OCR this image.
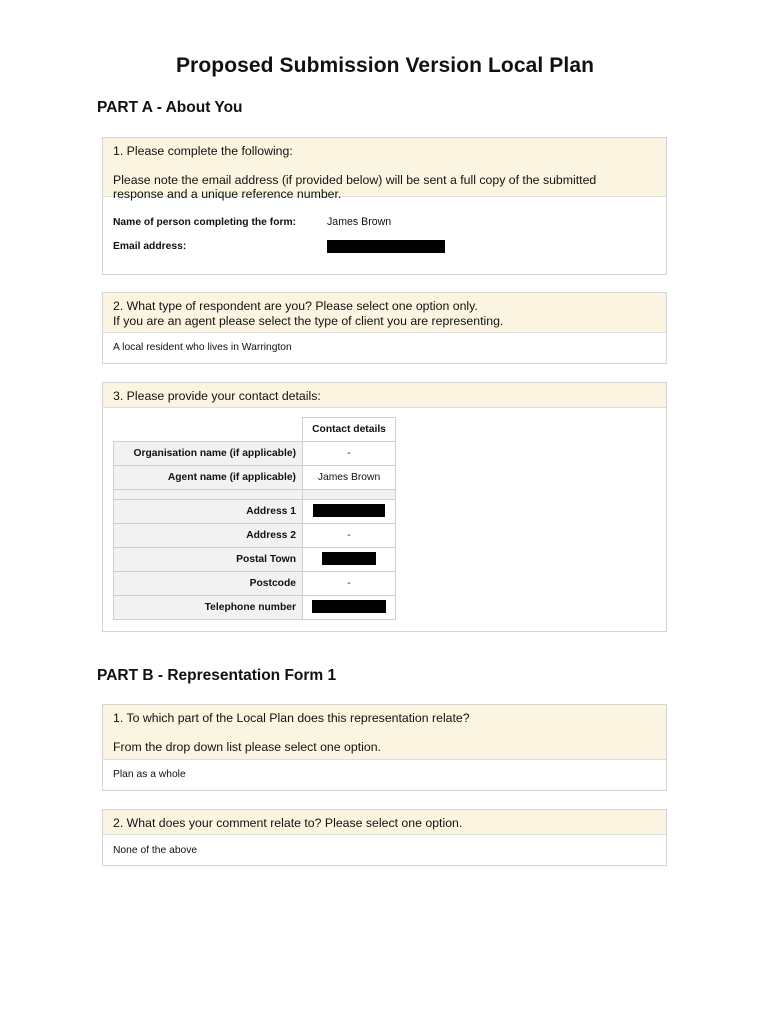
Proposed Submission Version Local Plan
PART A - About You

1. Please complete the following:

Please note the email address (if provided below) will be sent a full copy of the submitted

response and a unique reference number.

Name of person completing the form:	James Brown
Email address:

2. What type of respondent are you? Please select one option only.

If you are an agent please select the type of client you are representing.

A local resident who lives in Warrington

3. Please provide your contact details:

	Contact details
Organisation name (if applicable)	-
Agent name (if applicable)	James Brown

Address 1	
Address 2	-
Postal Town	
Postcode	-
Telephone number	
PART B - Representation Form 1

1. To which part of the Local Plan does this representation relate?

From the drop down list please select one option.

Plan as a whole

2. What does your comment relate to? Please select one option.

None of the above
